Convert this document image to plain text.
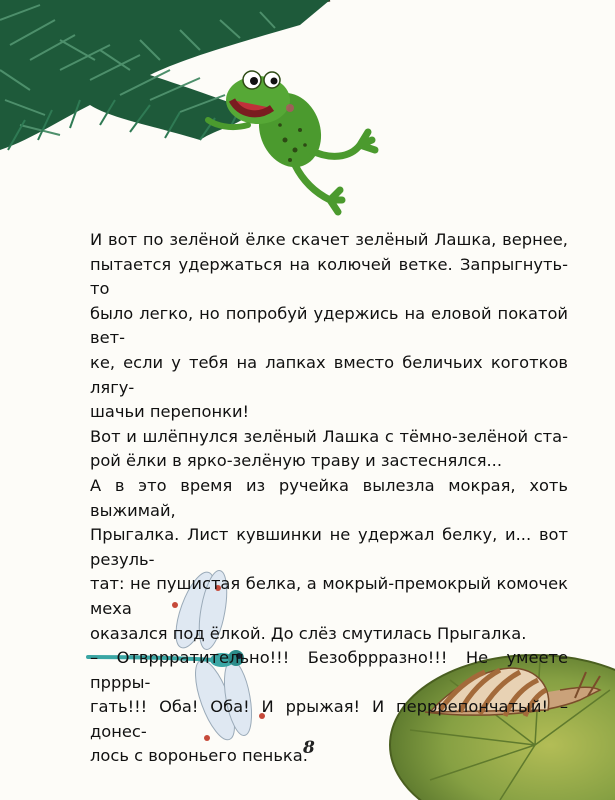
И вот по зелёной ёлке скачет зелёный Лашка, вернее,

пытается удержаться на колючей ветке. Запрыгнуть-то

было легко, но попробуй удержись на еловой покатой вет-

ке, если у тебя на лапках вместо беличьих коготков лягу-

шачьи перепонки!

Вот и шлёпнулся зелёный Лашка с тёмно-зелёной ста-

рой ёлки в ярко-зелёную траву и застеснялся...

А в это время из ручейка вылезла мокрая, хоть выжимай,

Прыгалка. Лист кувшинки не удержал белку, и... вот резуль-

тат: не пушистая белка, а мокрый-премокрый комочек меха

оказался под ёлкой. До слёз смутилась Прыгалка.

– Отвррратительно!!! Безобррразно!!! Не умеете пррры-

гать!!! Оба! Оба! И ррыжая! И перррепончатый! – донес-

лось с вороньего пенька.

8
